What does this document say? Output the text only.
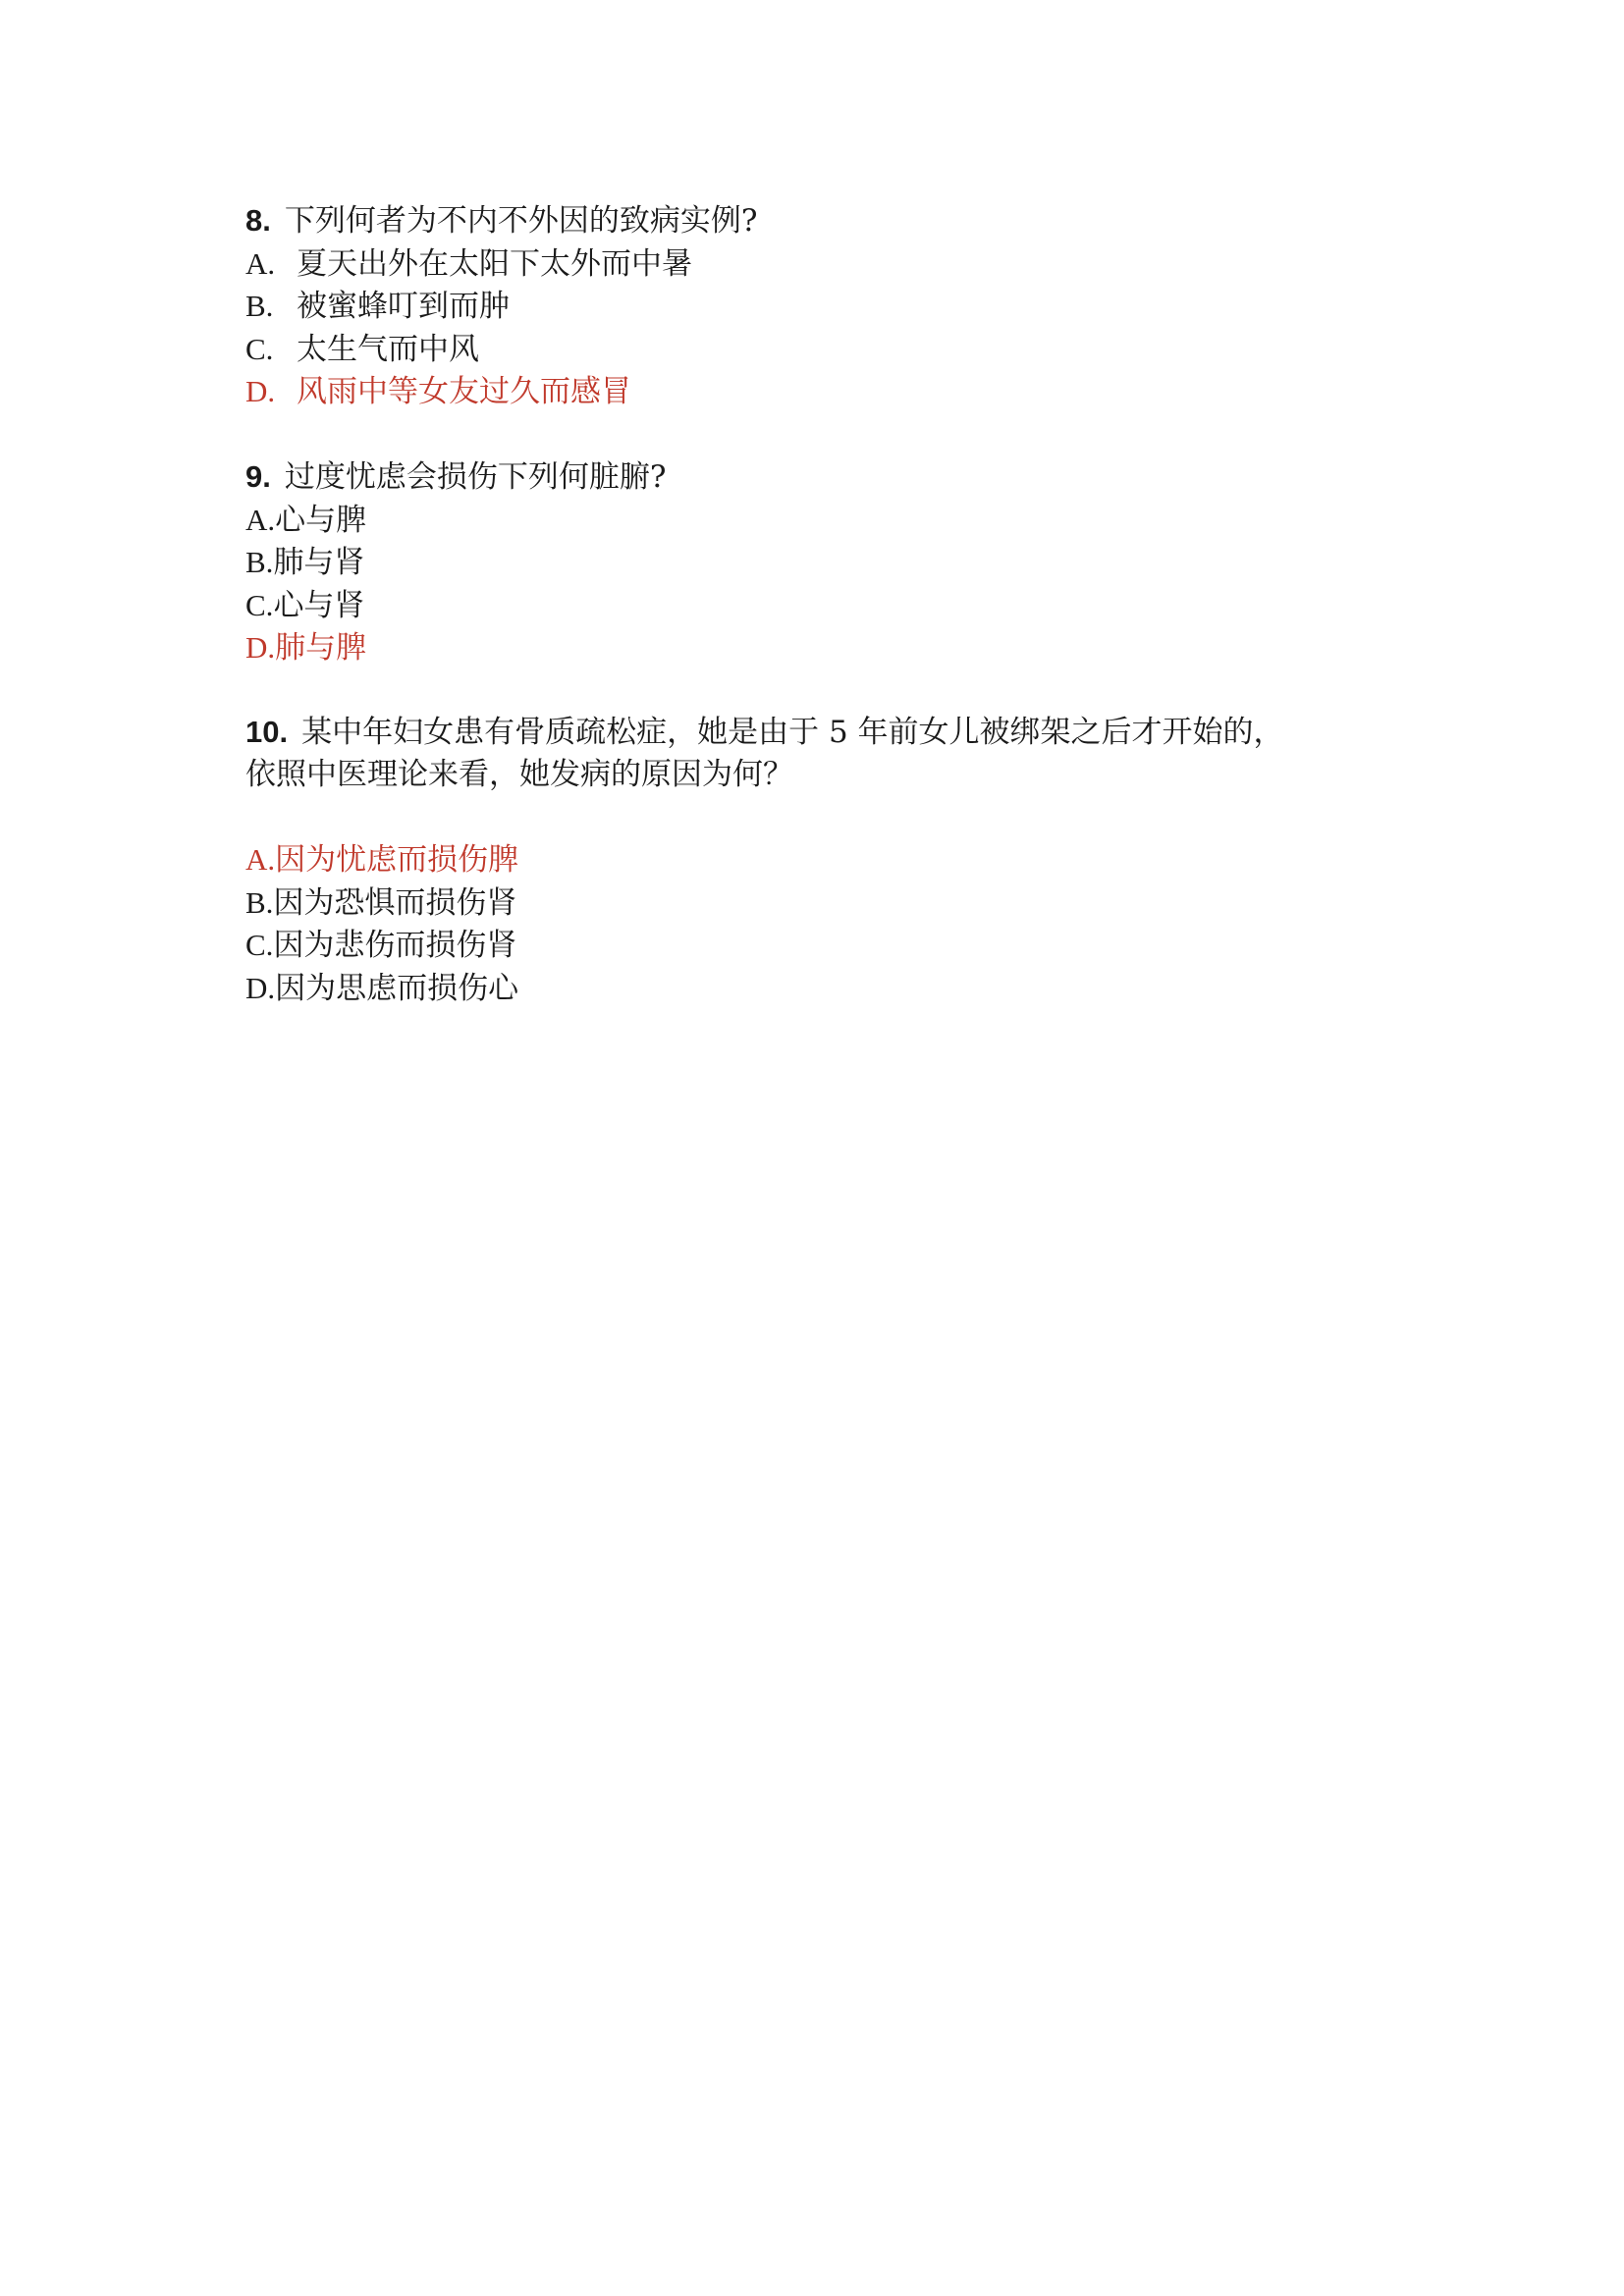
8. 下列何者为不内不外因的致病实例?
A. 夏天出外在太阳下太外而中暑
B. 被蜜蜂叮到而肿
C. 太生气而中风
D. 风雨中等女友过久而感冒
9. 过度忧虑会损伤下列何脏腑?
A.心与脾
B.肺与肾
C.心与肾
D.肺与脾
10. 某中年妇女患有骨质疏松症，她是由于 5 年前女儿被绑架之后才开始的，
依照中医理论来看，她发病的原因为何？
A.因为忧虑而损伤脾
B.因为恐惧而损伤肾
C.因为悲伤而损伤肾
D.因为思虑而损伤心
